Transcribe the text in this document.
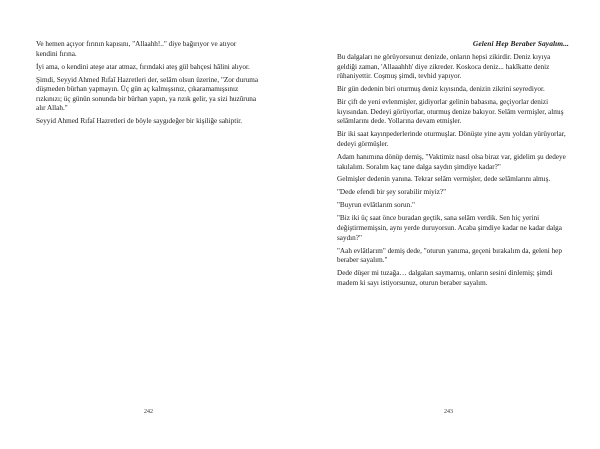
Ve hemen açıyor fırının kapısını, "Allaahh!.." diye bağırıyor ve atıyor kendini fırına.

İyi ama, o kendini ateşe atar atmaz, fırındaki ateş gül bahçesi hâlini alıyor.

Şimdi, Seyyid Ahmed Rıfaî Hazretleri der, selâm olsun üzerine, "Zor duruma düşmeden bürhan yapmayın. Üç gün aç kalmışsınız, çıkaramamışsınız rızkınızı; üç günün sonunda bir bürhan yapın, ya rızık gelir, ya sizi huzûruna alır Allah."

Seyyid Ahmed Rıfaî Hazretleri de böyle saygıdeğer bir kişiliğe sahiptir.

242
Geleni Hep Beraber Sayalım...

Bu dalgaları ne görüyorsunuz denizde, onların hepsi zikirdir. Deniz kıyıya geldiği zaman, 'Allaaahhh' diye zikreder. Koskoca deniz... hakîkatte deniz rûhaniyettir. Coşmuş şimdi, tevhid yapıyor.

Bir gün dedenin biri oturmuş deniz kıyısında, denizin zikrini seyrediyor.

Bir çift de yeni evlenmişler, gidiyorlar gelinin babasına, geçiyorlar denizi kıyısından. Dedeyi görüyorlar, oturmuş denize bakıyor. Selâm vermişler, almış selâmlarını dede. Yollarına devam etmişler.

Bir iki saat kayınpederlerinde oturmuşlar. Dönüşte yine aynı yoldan yürüyorlar, dedeyi görmüşler.

Adam hanımına dönüp demiş, "Vaktimiz nasıl olsa biraz var, gidelim şu dedeye takılalım. Soralım kaç tane dalga saydın şimdiye kadar?"

Gelmişler dedenin yanına. Tekrar selâm vermişler, dede selâmlarını almış.

"Dede efendi bir şey sorabilir miyiz?"

"Buyrun evlâtlarım sorun."

"Biz iki üç saat önce buradan geçtik, sana selâm verdik. Sen hiç yerini değiştirmemişsin, aynı yerde duruyorsun. Acaba şimdiye kadar ne kadar dalga saydın?"

"Aah evlâtlarım" demiş dede, "oturun yanıma, geçeni bırakalım da, geleni hep beraber sayalım."

Dede düşer mi tuzağa… dalgaları saymamış, onların sesini dinlemiş; şimdi madem ki sayı istiyorsunuz, oturun beraber sayalım.

243
